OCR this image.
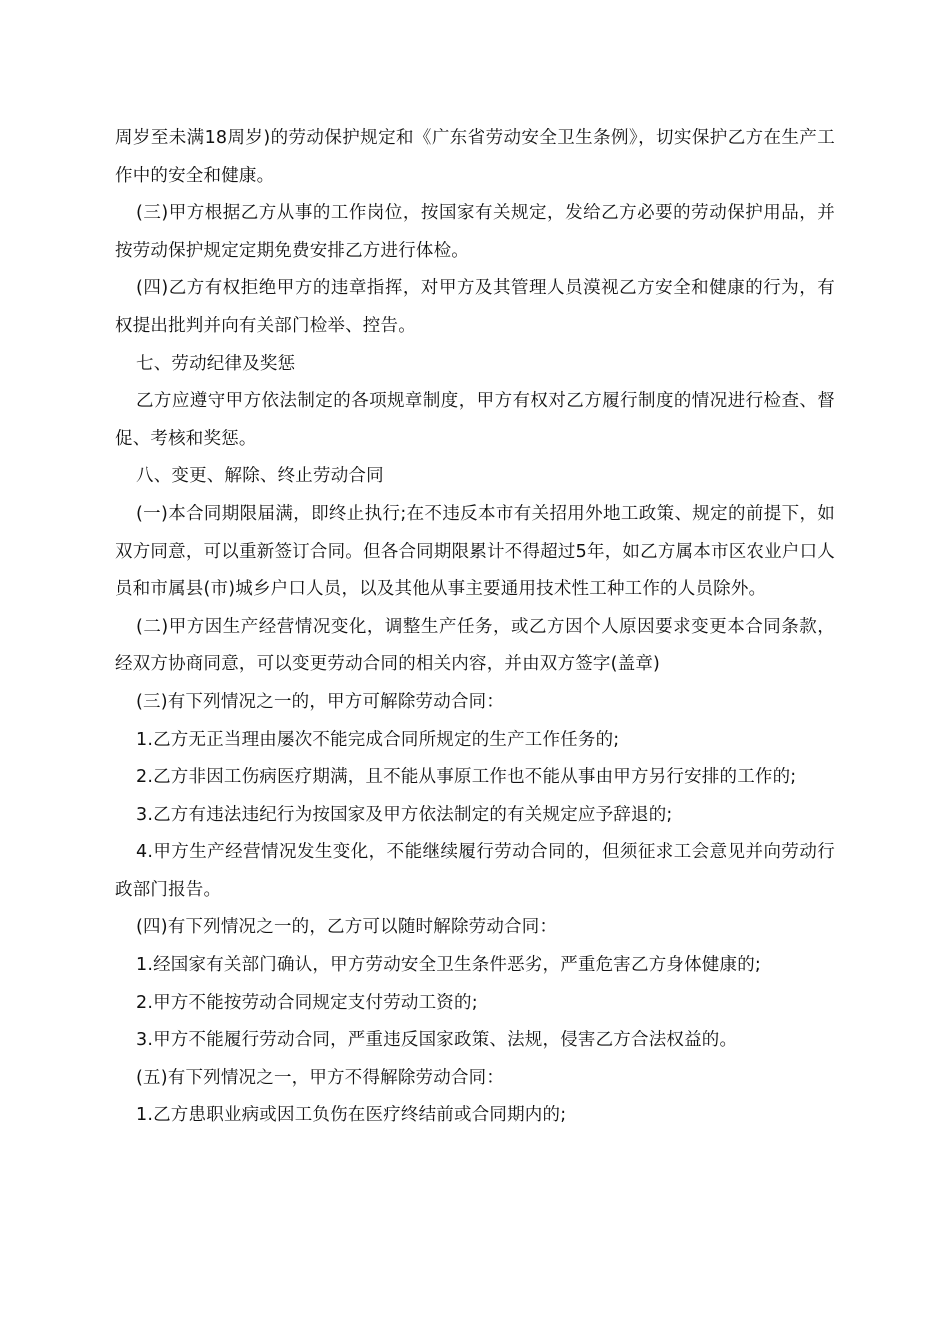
周岁至未满18周岁)的劳动保护规定和《广东省劳动安全卫生条例》，切实保护乙方在生产工作中的安全和健康。

(三)甲方根据乙方从事的工作岗位，按国家有关规定，发给乙方必要的劳动保护用品，并按劳动保护规定定期免费安排乙方进行体检。

(四)乙方有权拒绝甲方的违章指挥，对甲方及其管理人员漠视乙方安全和健康的行为，有权提出批判并向有关部门检举、控告。

七、劳动纪律及奖惩

乙方应遵守甲方依法制定的各项规章制度，甲方有权对乙方履行制度的情况进行检查、督促、考核和奖惩。

八、变更、解除、终止劳动合同

(一)本合同期限届满，即终止执行;在不违反本市有关招用外地工政策、规定的前提下，如双方同意，可以重新签订合同。但各合同期限累计不得超过5年，如乙方属本市区农业户口人员和市属县(市)城乡户口人员，以及其他从事主要通用技术性工种工作的人员除外。

(二)甲方因生产经营情况变化，调整生产任务，或乙方因个人原因要求变更本合同条款，经双方协商同意，可以变更劳动合同的相关内容，并由双方签字(盖章)

(三)有下列情况之一的，甲方可解除劳动合同：

1.乙方无正当理由屡次不能完成合同所规定的生产工作任务的;

2.乙方非因工伤病医疗期满，且不能从事原工作也不能从事由甲方另行安排的工作的;

3.乙方有违法违纪行为按国家及甲方依法制定的有关规定应予辞退的;

4.甲方生产经营情况发生变化，不能继续履行劳动合同的，但须征求工会意见并向劳动行政部门报告。

(四)有下列情况之一的，乙方可以随时解除劳动合同：

1.经国家有关部门确认，甲方劳动安全卫生条件恶劣，严重危害乙方身体健康的;

2.甲方不能按劳动合同规定支付劳动工资的;

3.甲方不能履行劳动合同，严重违反国家政策、法规，侵害乙方合法权益的。

(五)有下列情况之一，甲方不得解除劳动合同：

1.乙方患职业病或因工负伤在医疗终结前或合同期内的;
